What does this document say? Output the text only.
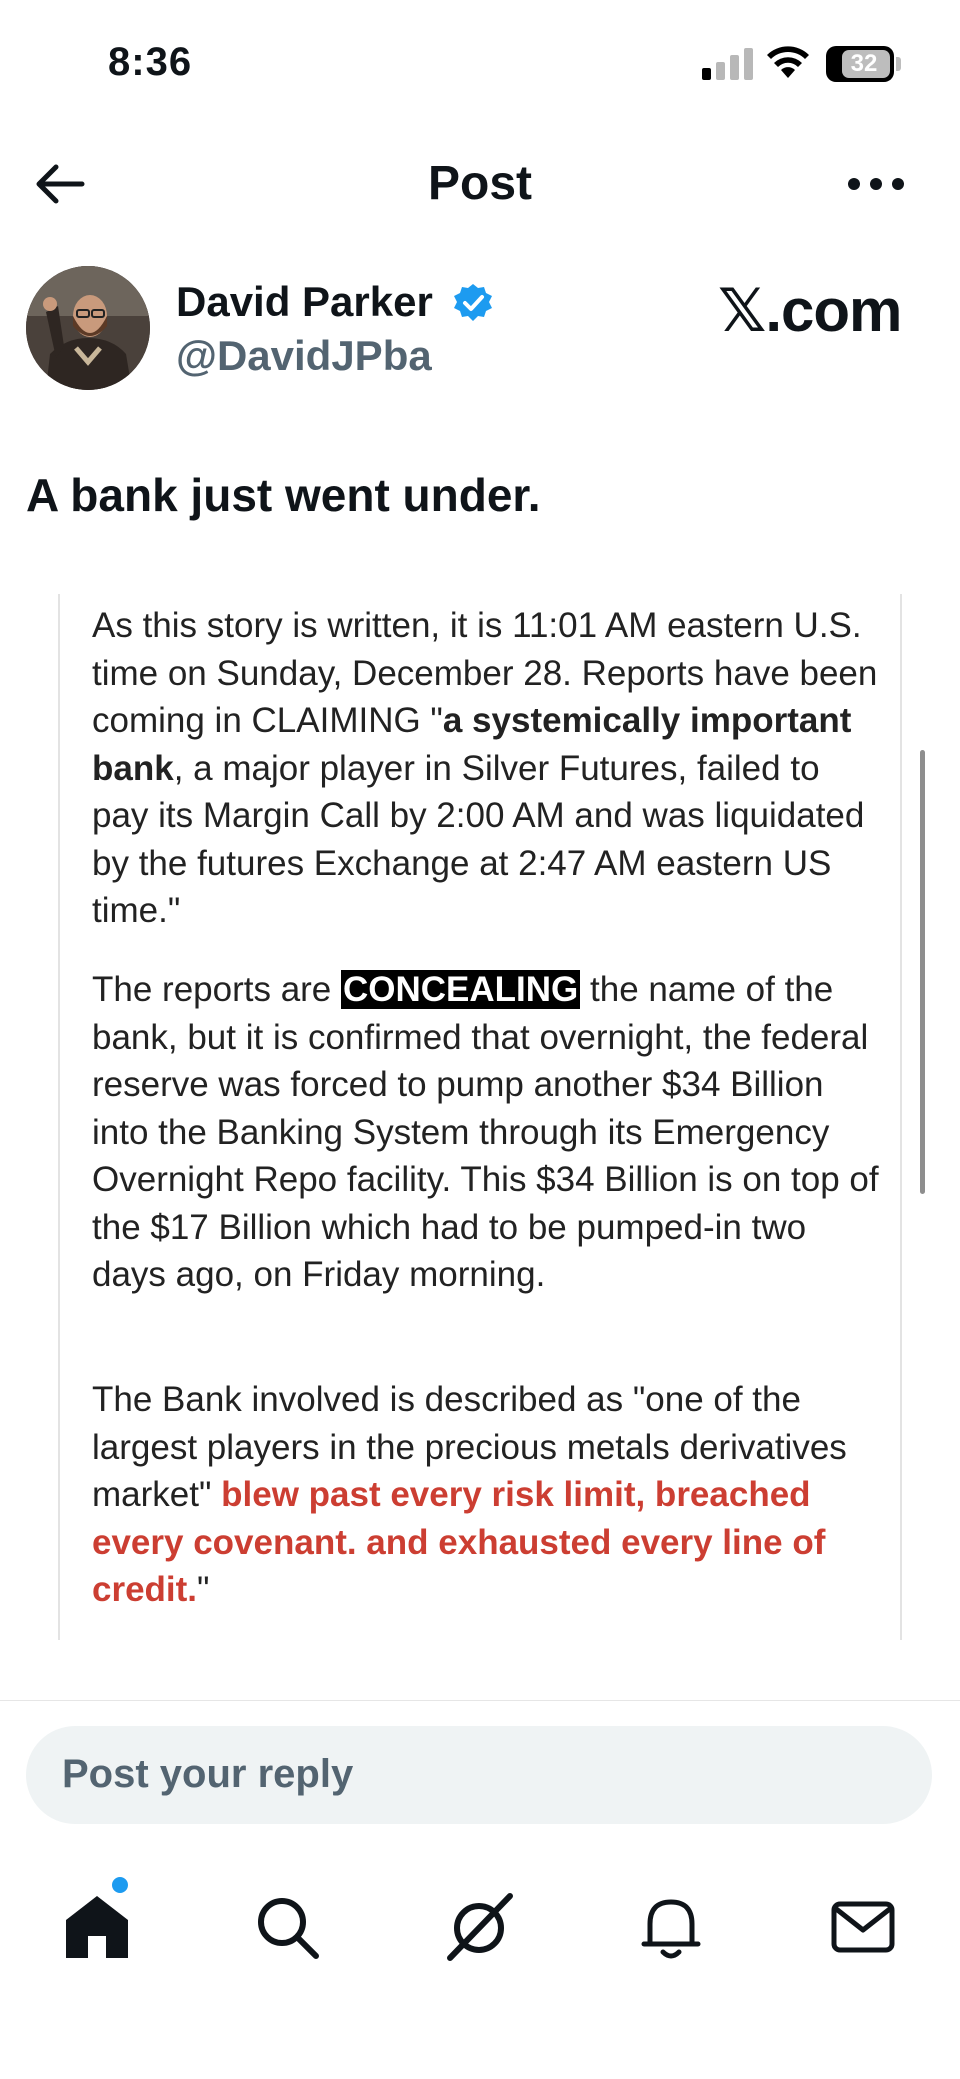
8:36	32
Post
David Parker
@DavidJPba
𝕏.com
A bank just went under.

As this story is written, it is 11:01 AM eastern U.S. time on Sunday, December 28. Reports have been coming in CLAIMING "a systemically important bank, a major player in Silver Futures, failed to pay its Margin Call by 2:00 AM and was liquidated by the futures Exchange at 2:47 AM eastern US time."

The reports are CONCEALING the name of the bank, but it is confirmed that overnight, the federal reserve was forced to pump another $34 Billion into the Banking System through its Emergency Overnight Repo facility. This $34 Billion is on top of the $17 Billion which had to be pumped-in two days ago, on Friday morning.

The Bank involved is described as "one of the largest players in the precious metals derivatives market" blew past every risk limit, breached every covenant. and exhausted every line of credit."

Post your reply
